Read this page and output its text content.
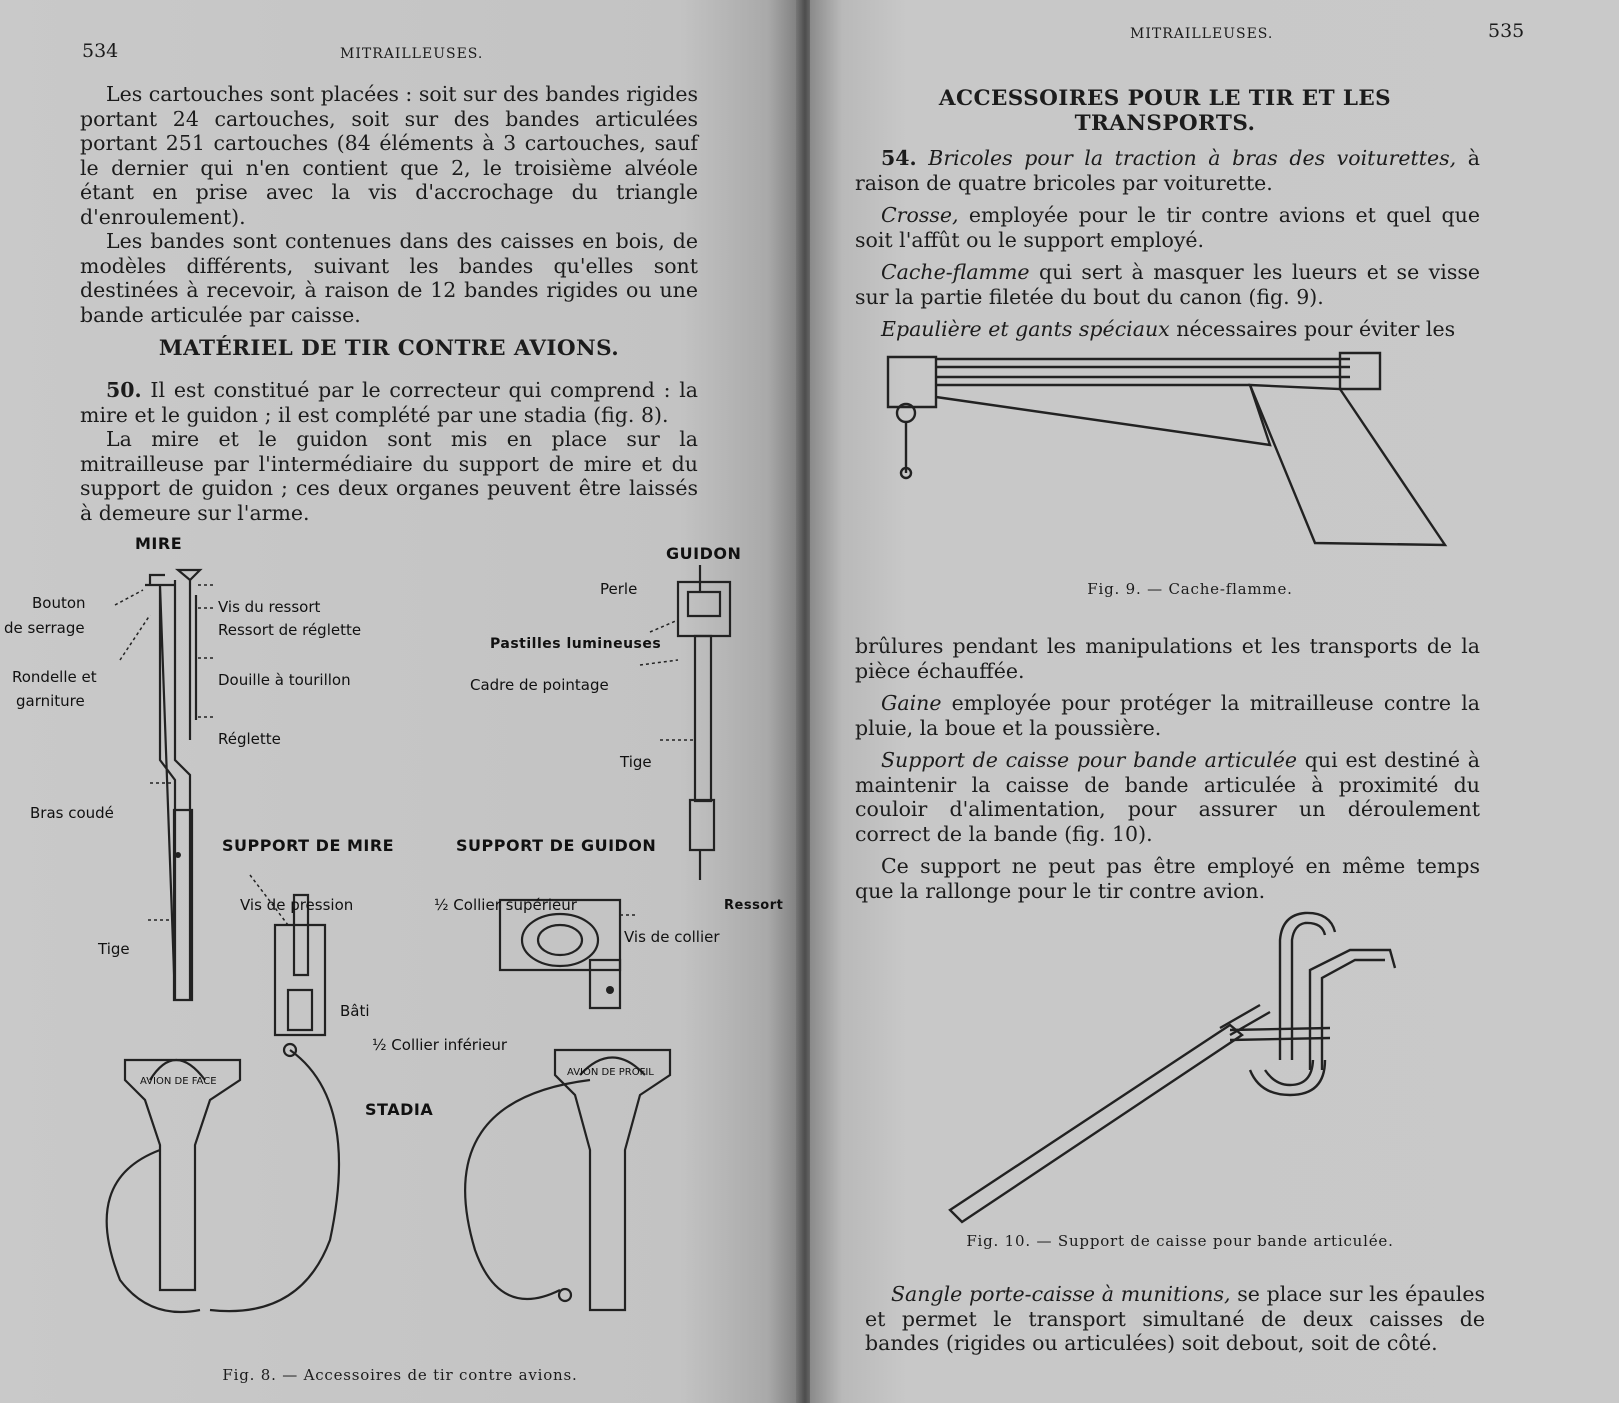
534	MITRAILLEUSES.

Les cartouches sont placées : soit sur des bandes rigides portant 24 cartouches, soit sur des bandes articulées portant 251 cartouches (84 éléments à 3 cartouches, sauf le dernier qui n'en contient que 2, le troisième alvéole étant en prise avec la vis d'accrochage du triangle d'enroulement).

Les bandes sont contenues dans des caisses en bois, de modèles différents, suivant les bandes qu'elles sont destinées à recevoir, à raison de 12 bandes rigides ou une bande articulée par caisse.

MATÉRIEL DE TIR CONTRE AVIONS.

50. Il est constitué par le correcteur qui comprend : la mire et le guidon ; il est complété par une stadia (fig. 8).

La mire et le guidon sont mis en place sur la mitrailleuse par l'intermédiaire du support de mire et du support de guidon ; ces deux organes peuvent être laissés à demeure sur l'arme.

MIRE
GUIDON
Bouton
de serrage
Rondelle et
garniture
Bras coudé
Tige
Vis du ressort
Ressort de réglette
Douille à tourillon
Réglette
Perle
Pastilles lumineuses
Cadre de pointage
Tige
Ressort
SUPPORT DE MIRE	SUPPORT DE GUIDON
Vis de pression
Bâti
½ Collier supérieur
Vis de collier
½ Collier inférieur
STADIA
AVION DE FACE
AVION DE PROFIL
Fig. 8. — Accessoires de tir contre avions.
MITRAILLEUSES.	535
ACCESSOIRES POUR LE TIR ET LES TRANSPORTS.

54. Bricoles pour la traction à bras des voiturettes, à raison de quatre bricoles par voiturette.

Crosse, employée pour le tir contre avions et quel que soit l'affût ou le support employé.

Cache-flamme qui sert à masquer les lueurs et se visse sur la partie filetée du bout du canon (fig. 9).

Epaulière et gants spéciaux nécessaires pour éviter les

Fig. 9. — Cache-flamme.

brûlures pendant les manipulations et les transports de la pièce échauffée.

Gaine employée pour protéger la mitrailleuse contre la pluie, la boue et la poussière.

Support de caisse pour bande articulée qui est destiné à maintenir la caisse de bande articulée à proximité du couloir d'alimentation, pour assurer un déroulement correct de la bande (fig. 10).

Ce support ne peut pas être employé en même temps que la rallonge pour le tir contre avion.

Fig. 10. — Support de caisse pour bande articulée.

Sangle porte-caisse à munitions, se place sur les épaules et permet le transport simultané de deux caisses de bandes (rigides ou articulées) soit debout, soit de côté.
